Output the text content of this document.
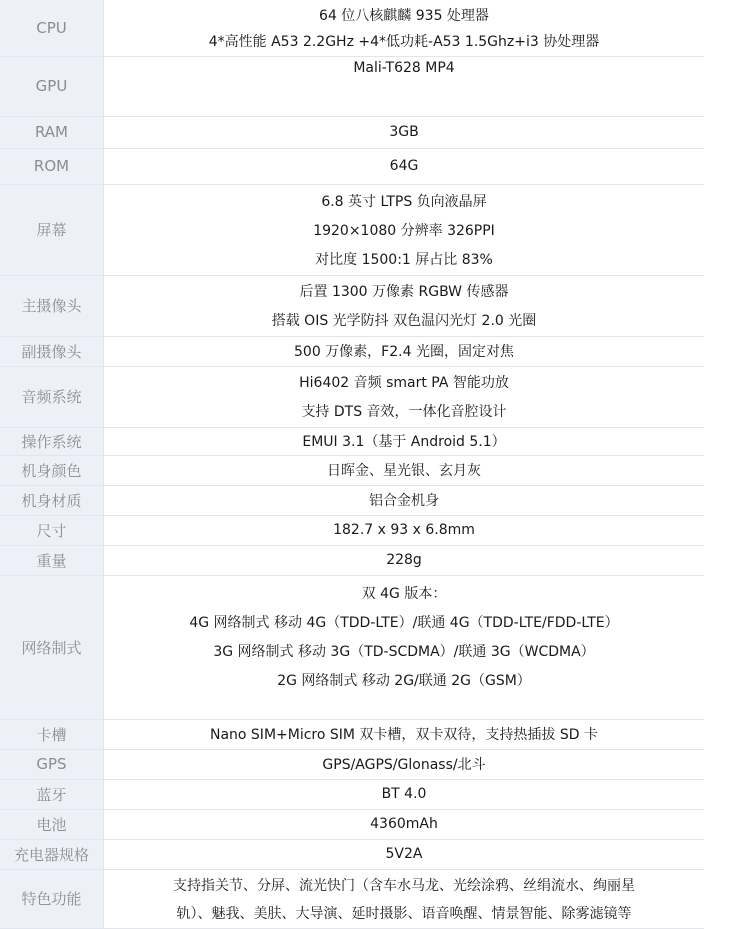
CPU	64 位八核麒麟 935 处理器
4*高性能 A53 2.2GHz +4*低功耗-A53 1.5Ghz+i3 协处理器

GPU	Mali-T628 MP4

RAM	3GB

ROM	64G

屏幕	6.8 英寸 LTPS 负向液晶屏
1920×1080 分辨率 326PPI
对比度 1500:1 屏占比 83%

主摄像头	后置 1300 万像素 RGBW 传感器
搭载 OIS 光学防抖 双色温闪光灯 2.0 光圈

副摄像头	500 万像素，F2.4 光圈，固定对焦

音频系统	Hi6402 音频 smart PA 智能功放
支持 DTS 音效，一体化音腔设计

操作系统	EMUI 3.1（基于 Android 5.1）

机身颜色	日晖金、星光银、玄月灰

机身材质	铝合金机身

尺寸	182.7 x 93 x 6.8mm

重量	228g

网络制式	双 4G 版本：
4G 网络制式 移动 4G（TDD-LTE）/联通 4G（TDD-LTE/FDD-LTE）
3G 网络制式 移动 3G（TD-SCDMA）/联通 3G（WCDMA）
2G 网络制式 移动 2G/联通 2G（GSM）

卡槽	Nano SIM+Micro SIM 双卡槽，双卡双待，支持热插拔 SD 卡

GPS	GPS/AGPS/Glonass/北斗

蓝牙	BT 4.0

电池	4360mAh

充电器规格	5V2A

特色功能	支持指关节、分屏、流光快门（含车水马龙、光绘涂鸦、丝绢流水、绚丽星
轨）、魅我、美肤、大导演、延时摄影、语音唤醒、情景智能、除雾滤镜等
